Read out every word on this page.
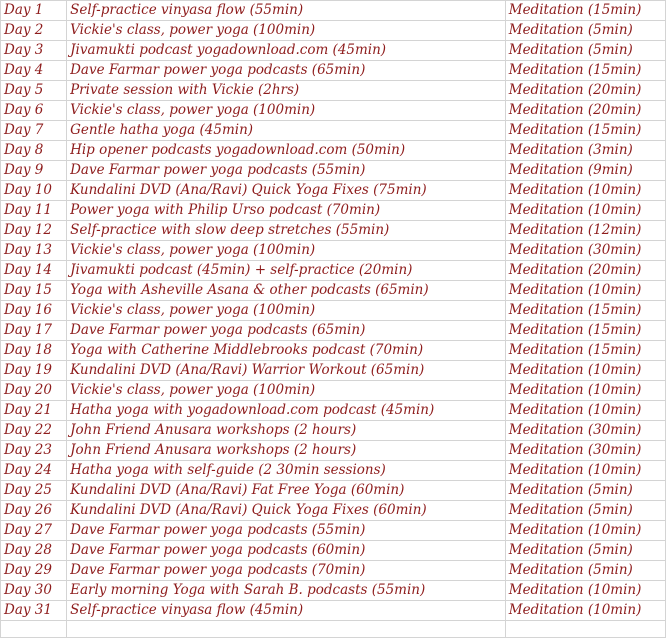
Day 1	Self-practice vinyasa flow (55min)	Meditation (15min)
Day 2	Vickie's class, power yoga (100min)	Meditation (5min)
Day 3	Jivamukti podcast yogadownload.com (45min)	Meditation (5min)
Day 4	Dave Farmar power yoga podcasts (65min)	Meditation (15min)
Day 5	Private session with Vickie (2hrs)	Meditation (20min)
Day 6	Vickie's class, power yoga (100min)	Meditation (20min)
Day 7	Gentle hatha yoga (45min)	Meditation (15min)
Day 8	Hip opener podcasts yogadownload.com (50min)	Meditation (3min)
Day 9	Dave Farmar power yoga podcasts (55min)	Meditation (9min)
Day 10	Kundalini DVD (Ana/Ravi) Quick Yoga Fixes (75min)	Meditation (10min)
Day 11	Power yoga with Philip Urso podcast (70min)	Meditation (10min)
Day 12	Self-practice with slow deep stretches (55min)	Meditation (12min)
Day 13	Vickie's class, power yoga (100min)	Meditation (30min)
Day 14	Jivamukti podcast (45min) + self-practice (20min)	Meditation (20min)
Day 15	Yoga with Asheville Asana & other podcasts (65min)	Meditation (10min)
Day 16	Vickie's class, power yoga (100min)	Meditation (15min)
Day 17	Dave Farmar power yoga podcasts (65min)	Meditation (15min)
Day 18	Yoga with Catherine Middlebrooks podcast (70min)	Meditation (15min)
Day 19	Kundalini DVD (Ana/Ravi) Warrior Workout (65min)	Meditation (10min)
Day 20	Vickie's class, power yoga (100min)	Meditation (10min)
Day 21	Hatha yoga with yogadownload.com podcast (45min)	Meditation (10min)
Day 22	John Friend Anusara workshops (2 hours)	Meditation (30min)
Day 23	John Friend Anusara workshops (2 hours)	Meditation (30min)
Day 24	Hatha yoga with self-guide (2 30min sessions)	Meditation (10min)
Day 25	Kundalini DVD (Ana/Ravi) Fat Free Yoga (60min)	Meditation (5min)
Day 26	Kundalini DVD (Ana/Ravi) Quick Yoga Fixes (60min)	Meditation (5min)
Day 27	Dave Farmar power yoga podcasts (55min)	Meditation (10min)
Day 28	Dave Farmar power yoga podcasts (60min)	Meditation (5min)
Day 29	Dave Farmar power yoga podcasts (70min)	Meditation (5min)
Day 30	Early morning Yoga with Sarah B. podcasts (55min)	Meditation (10min)
Day 31	Self-practice vinyasa flow (45min)	Meditation (10min)
